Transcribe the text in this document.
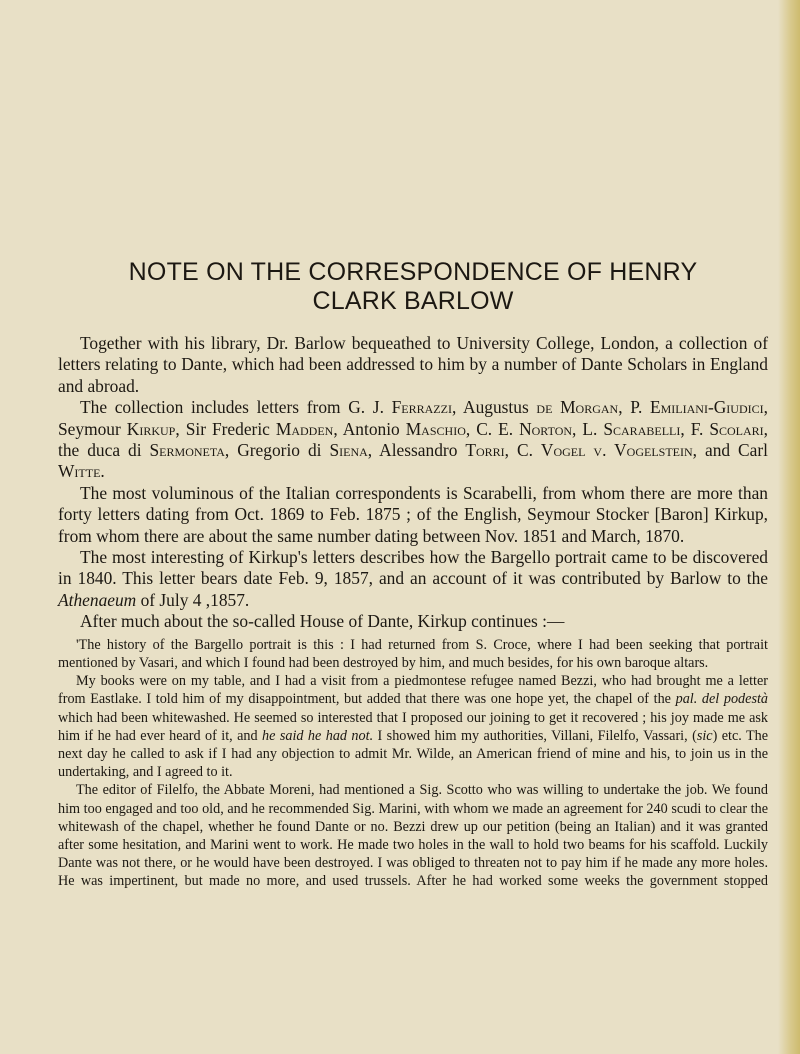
NOTE ON THE CORRESPONDENCE OF HENRY
CLARK BARLOW

Together with his library, Dr. Barlow bequeathed to University College, London, a collection of letters relating to Dante, which had been addressed to him by a number of Dante Scholars in England and abroad.

The collection includes letters from G. J. Ferrazzi, Augustus de Morgan, P. Emiliani-Giudici, Seymour Kirkup, Sir Frederic Madden, Antonio Maschio, C. E. Norton, L. Scarabelli, F. Scolari, the duca di Sermoneta, Gregorio di Siena, Alessandro Torri, C. Vogel v. Vogelstein, and Carl Witte.

The most voluminous of the Italian correspondents is Scarabelli, from whom there are more than forty letters dating from Oct. 1869 to Feb. 1875 ; of the English, Seymour Stocker [Baron] Kirkup, from whom there are about the same number dating between Nov. 1851 and March, 1870.

The most interesting of Kirkup's letters describes how the Bargello portrait came to be discovered in 1840. This letter bears date Feb. 9, 1857, and an account of it was contributed by Barlow to the Athenaeum of July 4 ,1857.

After much about the so-called House of Dante, Kirkup continues :—

'The history of the Bargello portrait is this : I had returned from S. Croce, where I had been seeking that portrait mentioned by Vasari, and which I found had been destroyed by him, and much besides, for his own baroque altars.

My books were on my table, and I had a visit from a piedmontese refugee named Bezzi, who had brought me a letter from Eastlake. I told him of my disappointment, but added that there was one hope yet, the chapel of the pal. del podestà which had been whitewashed. He seemed so interested that I proposed our joining to get it recovered ; his joy made me ask him if he had ever heard of it, and he said he had not. I showed him my authorities, Villani, Filelfo, Vassari, (sic) etc. The next day he called to ask if I had any objection to admit Mr. Wilde, an American friend of mine and his, to join us in the undertaking, and I agreed to it.

The editor of Filelfo, the Abbate Moreni, had mentioned a Sig. Scotto who was willing to undertake the job. We found him too engaged and too old, and he recommended Sig. Marini, with whom we made an agreement for 240 scudi to clear the whitewash of the chapel, whether he found Dante or no. Bezzi drew up our petition (being an Italian) and it was granted after some hesitation, and Marini went to work. He made two holes in the wall to hold two beams for his scaffold. Luckily Dante was not there, or he would have been destroyed. I was obliged to threaten not to pay him if he made any more holes. He was impertinent, but made no more, and used trussels. After he had worked some weeks the government stopped
